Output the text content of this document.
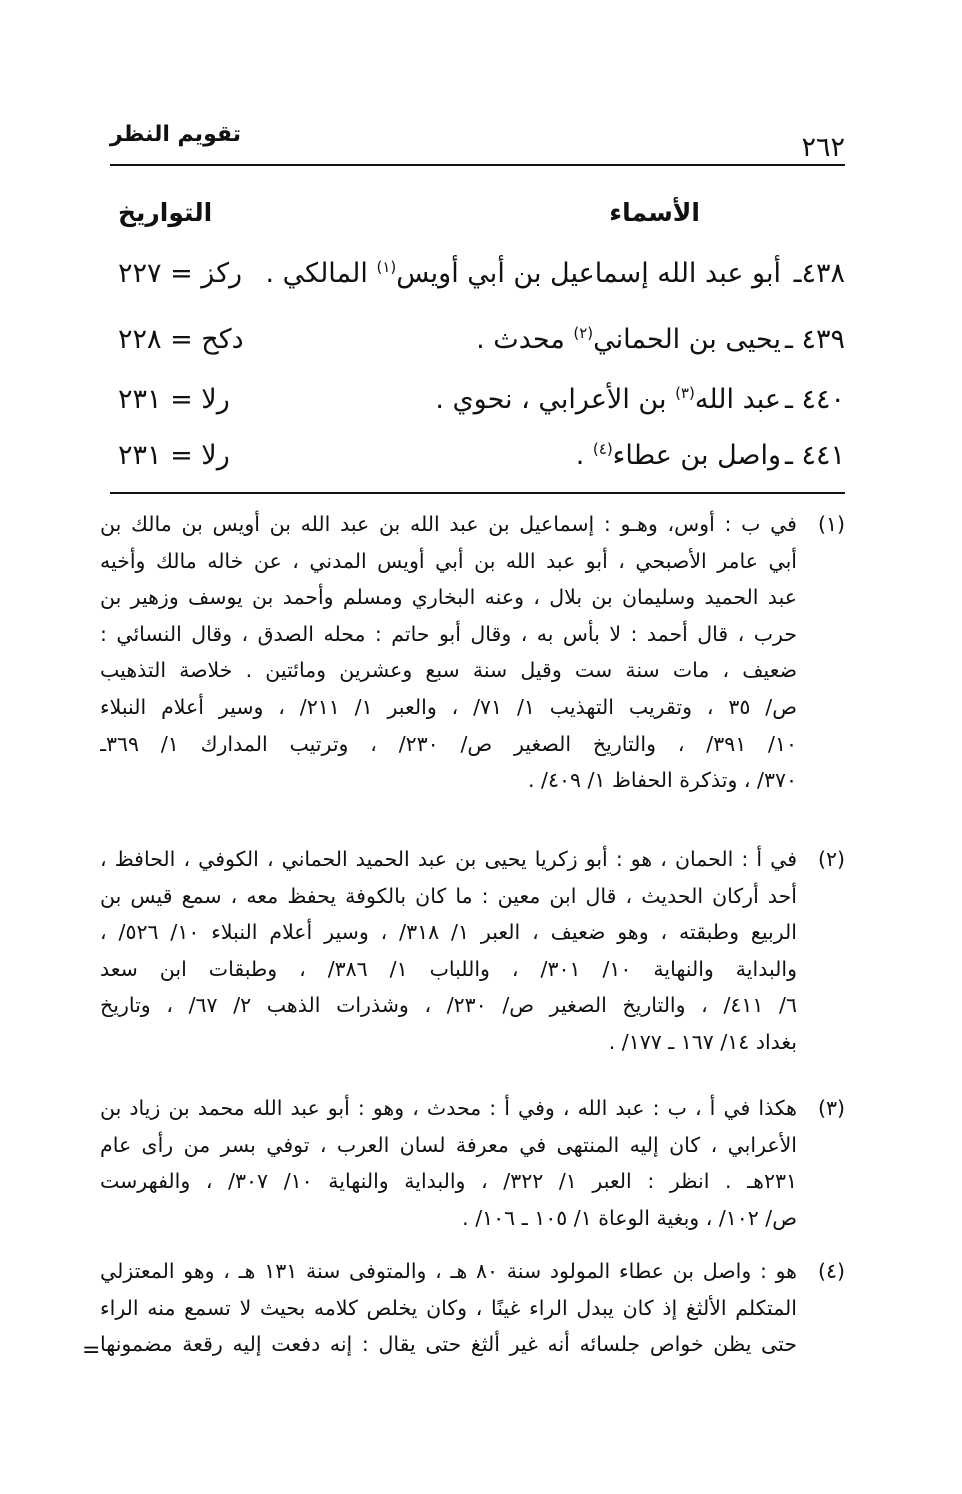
٢٦٢
تقويم النظر
الأسماء
التواريخ
٤٣٨ـ
أبو عبد الله إسماعيل بن أبي أويس$^{(١)}$ المالكي .
ركز = ٢٢٧
٤٣٩ ـ
يحيى بن الحماني$^{(٢)}$ محدث .
دكح = ٢٢٨
٤٤٠ ـ
عبد الله$^{(٣)}$ بن الأعرابي ، نحوي .
رلا = ٢٣١
٤٤١ ـ
واصل بن عطاء$^{(٤)}$ .
رلا = ٢٣١
(١)
في ب : أوس، وهـو : إسماعيل بن عبد الله بن عبد الله بن أويس بن مالك بن
أبي عامر الأصبحي ، أبو عبد الله بن أبي أويس المدني ، عن خاله مالك وأخيه
عبد الحميد وسليمان بن بلال ، وعنه البخاري ومسلم وأحمد بن يوسف وزهير بن
حرب ، قال أحمد : لا بأس به ، وقال أبو حاتم : محله الصدق ، وقال النسائي :
ضعيف ، مات سنة ست وقيل سنة سبع وعشرين ومائتين . خلاصة التذهيب
ص/ ٣٥ ، وتقريب التهذيب ١/ ٧١/ ، والعبر ١/ ٢١١/ ، وسير أعلام النبلاء
١٠/ ٣٩١/ ، والتاريخ الصغير ص/ ٢٣٠/ ، وترتيب المدارك ١/ ٣٦٩ـ
٣٧٠/ ، وتذكرة الحفاظ ١/ ٤٠٩/ .
(٢)
في أ : الحمان ، هو : أبو زكريا يحيى بن عبد الحميد الحماني ، الكوفي ، الحافظ ،
أحد أركان الحديث ، قال ابن معين : ما كان بالكوفة يحفظ معه ، سمع قيس بن
الربيع وطبقته ، وهو ضعيف ، العبر ١/ ٣١٨/ ، وسير أعلام النبلاء ١٠/ ٥٢٦/ ،
والبداية والنهاية ١٠/ ٣٠١/ ، واللباب ١/ ٣٨٦/ ، وطبقات ابن سعد
٦/ ٤١١/ ، والتاريخ الصغير ص/ ٢٣٠/ ، وشذرات الذهب ٢/ ٦٧/ ، وتاريخ
بغداد ١٤/ ١٦٧ ـ ١٧٧/ .
(٣)
هكذا في أ ، ب : عبد الله ، وفي أ : محدث ، وهو : أبو عبد الله محمد بن زياد بن
الأعرابي ، كان إليه المنتهى في معرفة لسان العرب ، توفي بسر من رأى عام
٢٣١هـ . انظر : العبر ١/ ٣٢٢/ ، والبداية والنهاية ١٠/ ٣٠٧/ ، والفهرست
ص/ ١٠٢/ ، وبغية الوعاة ١/ ١٠٥ ـ ١٠٦/ .
(٤)
هو : واصل بن عطاء المولود سنة ٨٠ هـ ، والمتوفى سنة ١٣١ هـ ، وهو المعتزلي
المتكلم الألثغ إذ كان يبدل الراء غينًا ، وكان يخلص كلامه بحيث لا تسمع منه الراء
حتى يظن خواص جلسائه أنه غير ألثغ حتى يقال : إنه دفعت إليه رقعة مضمونها
=
